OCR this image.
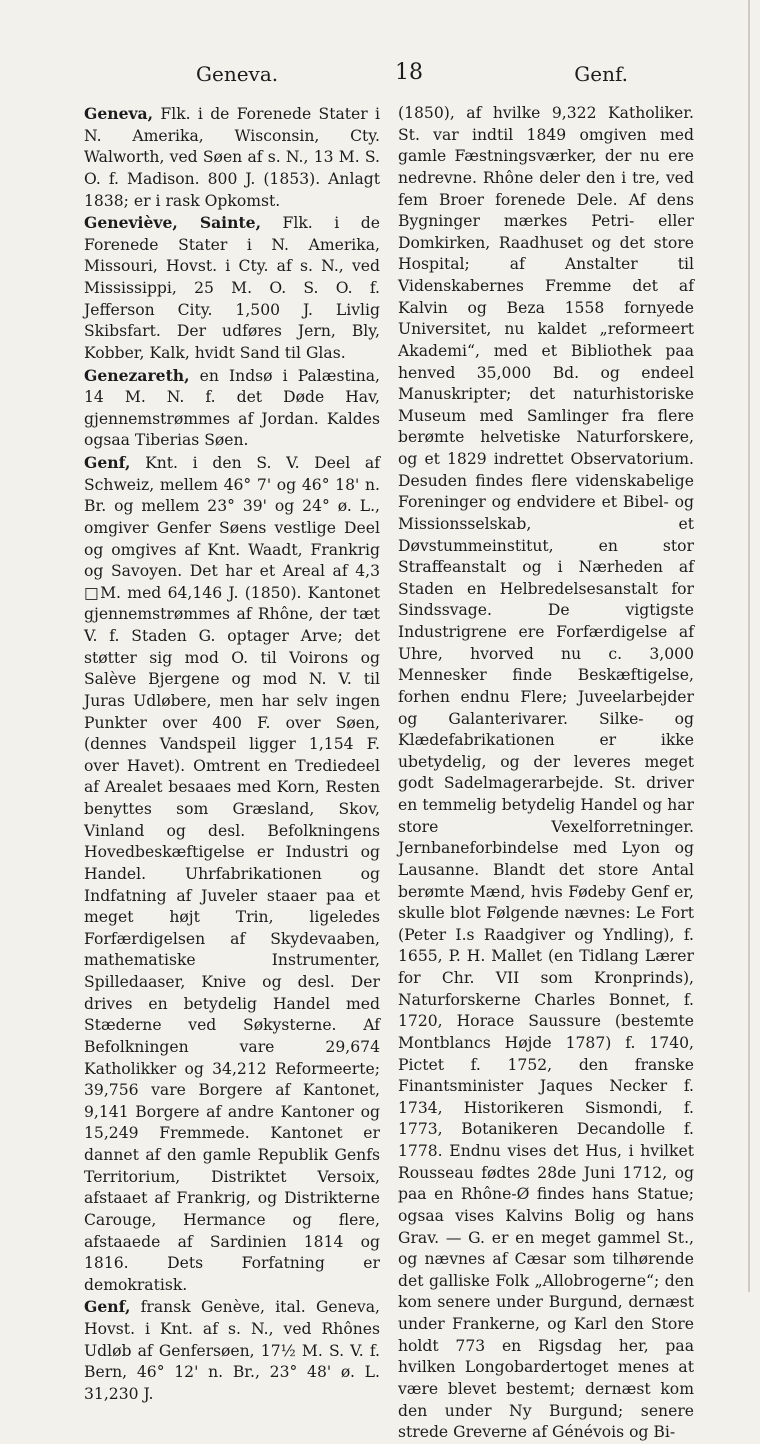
Geneva.	18	Genf.

Geneva, Flk. i de Forenede Stater i N. Amerika, Wisconsin, Cty. Walworth, ved Søen af s. N., 13 M. S. O. f. Madison. 800 J. (1853). Anlagt 1838; er i rask Opkomst.

Geneviève, Sainte, Flk. i de Forenede Stater i N. Amerika, Missouri, Hovst. i Cty. af s. N., ved Mississippi, 25 M. O. S. O. f. Jefferson City. 1,500 J. Livlig Skibsfart. Der udføres Jern, Bly, Kobber, Kalk, hvidt Sand til Glas.

Genezareth, en Indsø i Palæstina, 14 M. N. f. det Døde Hav, gjennemstrømmes af Jordan. Kaldes ogsaa Tiberias Søen.

Genf, Knt. i den S. V. Deel af Schweiz, mellem 46° 7' og 46° 18' n. Br. og mellem 23° 39' og 24° ø. L., omgiver Genfer Søens vestlige Deel og omgives af Knt. Waadt, Frankrig og Savoyen. Det har et Areal af 4,3 □M. med 64,146 J. (1850). Kantonet gjennemstrømmes af Rhône, der tæt V. f. Staden G. optager Arve; det støtter sig mod O. til Voirons og Salève Bjergene og mod N. V. til Juras Udløbere, men har selv ingen Punkter over 400 F. over Søen, (dennes Vandspeil ligger 1,154 F. over Havet). Omtrent en Trediedeel af Arealet besaaes med Korn, Resten benyttes som Græsland, Skov, Vinland og desl. Befolkningens Hovedbeskæftigelse er Industri og Handel. Uhrfabrikationen og Indfatning af Juveler staaer paa et meget højt Trin, ligeledes Forfærdigelsen af Skydevaaben, mathematiske Instrumenter, Spilledaaser, Knive og desl. Der drives en betydelig Handel med Stæderne ved Søkysterne. Af Befolkningen vare 29,674 Katholikker og 34,212 Reformeerte; 39,756 vare Borgere af Kantonet, 9,141 Borgere af andre Kantoner og 15,249 Fremmede. Kantonet er dannet af den gamle Republik Genfs Territorium, Distriktet Versoix, afstaaet af Frankrig, og Distrikterne Carouge, Hermance og flere, afstaaede af Sardinien 1814 og 1816. Dets Forfatning er demokratisk.

Genf, fransk Genève, ital. Geneva, Hovst. i Knt. af s. N., ved Rhônes Udløb af Genfersøen, 17½ M. S. V. f. Bern, 46° 12' n. Br., 23° 48' ø. L. 31,230 J.

(1850), af hvilke 9,322 Katholiker. St. var indtil 1849 omgiven med gamle Fæstningsværker, der nu ere nedrevne. Rhône deler den i tre, ved fem Broer forenede Dele. Af dens Bygninger mærkes Petri- eller Domkirken, Raadhuset og det store Hospital; af Anstalter til Videnskabernes Fremme det af Kalvin og Beza 1558 fornyede Universitet, nu kaldet „reformeert Akademi“, med et Bibliothek paa henved 35,000 Bd. og endeel Manuskripter; det naturhistoriske Museum med Samlinger fra flere berømte helvetiske Naturforskere, og et 1829 indrettet Observatorium. Desuden findes flere videnskabelige Foreninger og endvidere et Bibel- og Missionsselskab, et Døvstummeinstitut, en stor Straffeanstalt og i Nærheden af Staden en Helbredelsesanstalt for Sindssvage. De vigtigste Industrigrene ere Forfærdigelse af Uhre, hvorved nu c. 3,000 Mennesker finde Beskæftigelse, forhen endnu Flere; Juveelarbejder og Galanterivarer. Silke- og Klædefabrikationen er ikke ubetydelig, og der leveres meget godt Sadelmagerarbejde. St. driver en temmelig betydelig Handel og har store Vexelforretninger. Jernbaneforbindelse med Lyon og Lausanne. Blandt det store Antal berømte Mænd, hvis Fødeby Genf er, skulle blot Følgende nævnes: Le Fort (Peter I.s Raadgiver og Yndling), f. 1655, P. H. Mallet (en Tidlang Lærer for Chr. VII som Kronprinds), Naturforskerne Charles Bonnet, f. 1720, Horace Saussure (bestemte Montblancs Højde 1787) f. 1740, Pictet f. 1752, den franske Finantsminister Jaques Necker f. 1734, Historikeren Sismondi, f. 1773, Botanikeren Decandolle f. 1778. Endnu vises det Hus, i hvilket Rousseau fødtes 28de Juni 1712, og paa en Rhône-Ø findes hans Statue; ogsaa vises Kalvins Bolig og hans Grav. — G. er en meget gammel St., og nævnes af Cæsar som tilhørende det galliske Folk „Allobrogerne“; den kom senere under Burgund, dernæst under Frankerne, og Karl den Store holdt 773 en Rigsdag her, paa hvilken Longobardertoget menes at være blevet bestemt; dernæst kom den under Ny Burgund; senere strede Greverne af Génévois og Bi-
